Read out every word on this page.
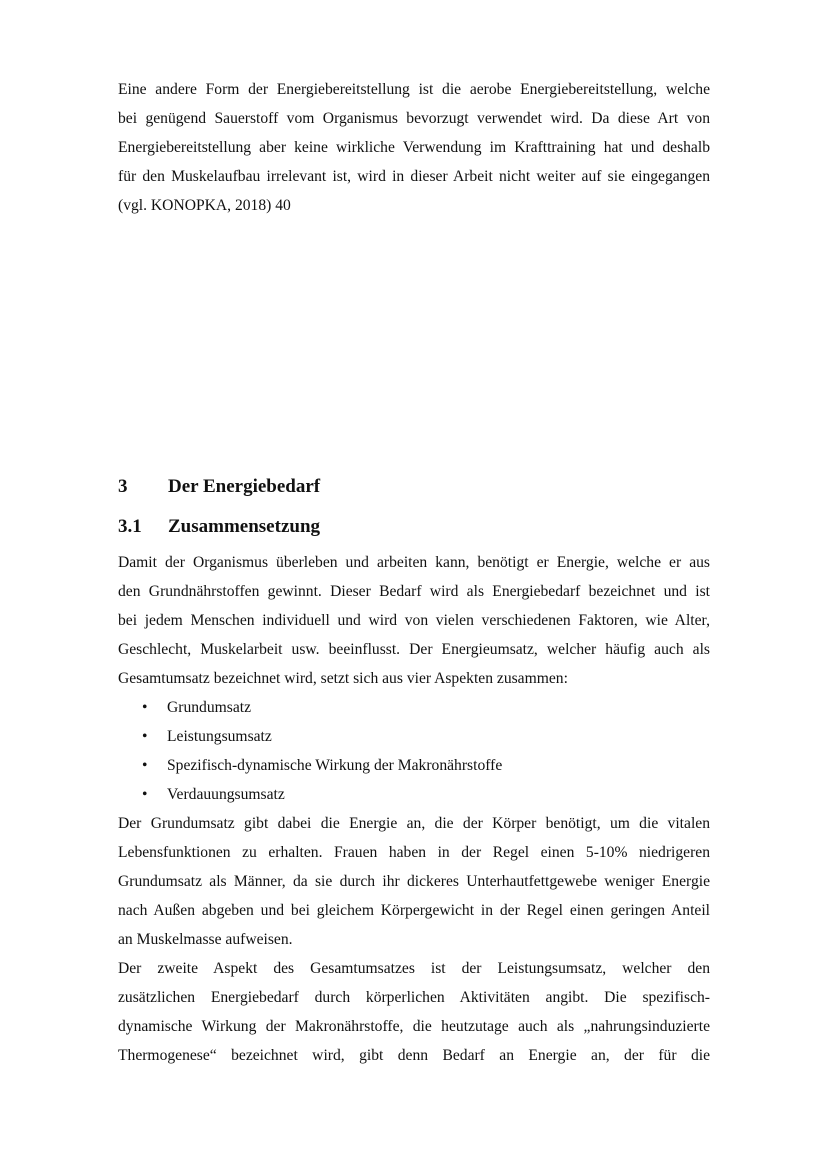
Eine andere Form der Energiebereitstellung ist die aerobe Energiebereitstellung, welche
bei genügend Sauerstoff vom Organismus bevorzugt verwendet wird. Da diese Art von
Energiebereitstellung aber keine wirkliche Verwendung im Krafttraining hat und deshalb
für den Muskelaufbau irrelevant ist, wird in dieser Arbeit nicht weiter auf sie eingegangen
(vgl. KONOPKA, 2018) 40
3	Der Energiebedarf
3.1	Zusammensetzung
Damit der Organismus überleben und arbeiten kann, benötigt er Energie, welche er aus
den Grundnährstoffen gewinnt. Dieser Bedarf wird als Energiebedarf bezeichnet und ist
bei jedem Menschen individuell und wird von vielen verschiedenen Faktoren, wie Alter,
Geschlecht, Muskelarbeit usw. beeinflusst. Der Energieumsatz, welcher häufig auch als
Gesamtumsatz bezeichnet wird, setzt sich aus vier Aspekten zusammen:
•	Grundumsatz
•	Leistungsumsatz
•	Spezifisch-dynamische Wirkung der Makronährstoffe
•	Verdauungsumsatz
Der Grundumsatz gibt dabei die Energie an, die der Körper benötigt, um die vitalen
Lebensfunktionen zu erhalten. Frauen haben in der Regel einen 5-10% niedrigeren
Grundumsatz als Männer, da sie durch ihr dickeres Unterhautfettgewebe weniger Energie
nach Außen abgeben und bei gleichem Körpergewicht in der Regel einen geringen Anteil
an Muskelmasse aufweisen.
Der zweite Aspekt des Gesamtumsatzes ist der Leistungsumsatz, welcher den
zusätzlichen Energiebedarf durch körperlichen Aktivitäten angibt. Die spezifisch-
dynamische Wirkung der Makronährstoffe, die heutzutage auch als „nahrungsinduzierte
Thermogenese“ bezeichnet wird, gibt denn Bedarf an Energie an, der für die
